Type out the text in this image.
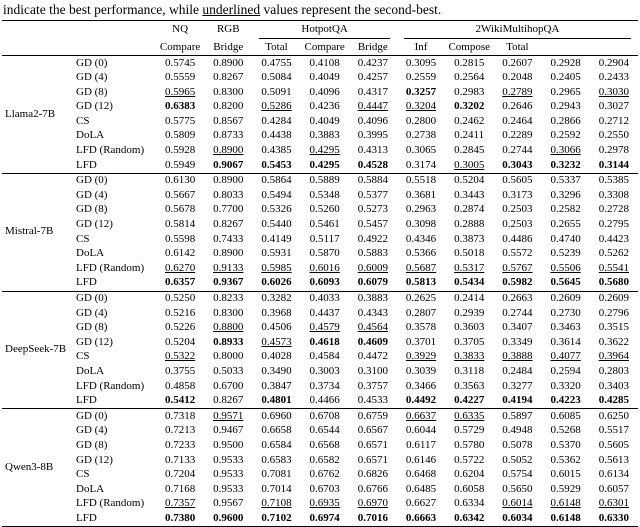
indicate the best performance, while underlined values represent the second-best.

		NQ	RGB	HotpotQA			2WikiMultihopQA				

		Compare	Bridge	Total	Compare	Bridge	Inf	Compose	Total		
Llama2-7B	GD (0)	0.5745	0.8900	0.4755	0.4108	0.4237	0.3095	0.2815	0.2607	0.2928	0.2904
	GD (4)	0.5559	0.8267	0.5084	0.4049	0.4257	0.2559	0.2564	0.2048	0.2405	0.2433
	GD (8)	0.5965	0.8300	0.5091	0.4096	0.4317	0.3257	0.2983	0.2789	0.2965	0.3030
	GD (12)	0.6383	0.8200	0.5286	0.4236	0.4447	0.3204	0.3202	0.2646	0.2943	0.3027
	CS	0.5775	0.8567	0.4284	0.4049	0.4096	0.2800	0.2462	0.2464	0.2866	0.2712
	DoLA	0.5809	0.8733	0.4438	0.3883	0.3995	0.2738	0.2411	0.2289	0.2592	0.2550
	LFD (Random)	0.5928	0.8900	0.4385	0.4295	0.4313	0.3065	0.2845	0.2744	0.3066	0.2978
	LFD	0.5949	0.9067	0.5453	0.4295	0.4528	0.3174	0.3005	0.3043	0.3232	0.3144
Mistral-7B	GD (0)	0.6130	0.8900	0.5864	0.5889	0.5884	0.5518	0.5204	0.5605	0.5337	0.5385
	GD (4)	0.5667	0.8033	0.5494	0.5348	0.5377	0.3681	0.3443	0.3173	0.3296	0.3308
	GD (8)	0.5678	0.7700	0.5326	0.5260	0.5273	0.2963	0.2874	0.2503	0.2582	0.2728
	GD (12)	0.5814	0.8267	0.5440	0.5461	0.5457	0.3098	0.2888	0.2503	0.2655	0.2795
	CS	0.5598	0.7433	0.4149	0.5117	0.4922	0.4346	0.3873	0.4486	0.4740	0.4423
	DoLA	0.6142	0.8900	0.5931	0.5870	0.5883	0.5366	0.5018	0.5572	0.5239	0.5262
	LFD (Random)	0.6270	0.9133	0.5985	0.6016	0.6009	0.5687	0.5317	0.5767	0.5506	0.5541
	LFD	0.6357	0.9367	0.6026	0.6093	0.6079	0.5813	0.5434	0.5982	0.5645	0.5680
DeepSeek-7B	GD (0)	0.5250	0.8233	0.3282	0.4033	0.3883	0.2625	0.2414	0.2663	0.2609	0.2609
	GD (4)	0.5216	0.8300	0.3968	0.4437	0.4343	0.2807	0.2939	0.2744	0.2730	0.2796
	GD (8)	0.5226	0.8800	0.4506	0.4579	0.4564	0.3578	0.3603	0.3407	0.3463	0.3515
	GD (12)	0.5204	0.8933	0.4573	0.4618	0.4609	0.3701	0.3705	0.3349	0.3614	0.3622
	CS	0.5322	0.8000	0.4028	0.4584	0.4472	0.3929	0.3833	0.3888	0.4077	0.3964
	DoLA	0.3755	0.5033	0.3490	0.3003	0.3100	0.3039	0.3118	0.2484	0.2594	0.2803
	LFD (Random)	0.4858	0.6700	0.3847	0.3734	0.3757	0.3466	0.3563	0.3277	0.3320	0.3403
	LFD	0.5412	0.8267	0.4801	0.4466	0.4533	0.4492	0.4227	0.4194	0.4223	0.4285
Qwen3-8B	GD (0)	0.7318	0.9571	0.6960	0.6708	0.6759	0.6637	0.6335	0.5897	0.6085	0.6250
	GD (4)	0.7213	0.9467	0.6658	0.6544	0.6567	0.6044	0.5729	0.4948	0.5268	0.5517
	GD (8)	0.7233	0.9500	0.6584	0.6568	0.6571	0.6117	0.5780	0.5078	0.5370	0.5605
	GD (12)	0.7133	0.9533	0.6583	0.6582	0.6571	0.6146	0.5722	0.5052	0.5362	0.5613
	CS	0.7204	0.9533	0.7081	0.6762	0.6826	0.6468	0.6204	0.5754	0.6015	0.6134
	DoLA	0.7168	0.9533	0.7014	0.6703	0.6766	0.6485	0.6058	0.5650	0.5929	0.6057
	LFD (Random)	0.7357	0.9567	0.7108	0.6935	0.6970	0.6627	0.6334	0.6014	0.6148	0.6301
	LFD	0.7380	0.9600	0.7102	0.6974	0.7016	0.6663	0.6342	0.6034	0.6148	0.6330
